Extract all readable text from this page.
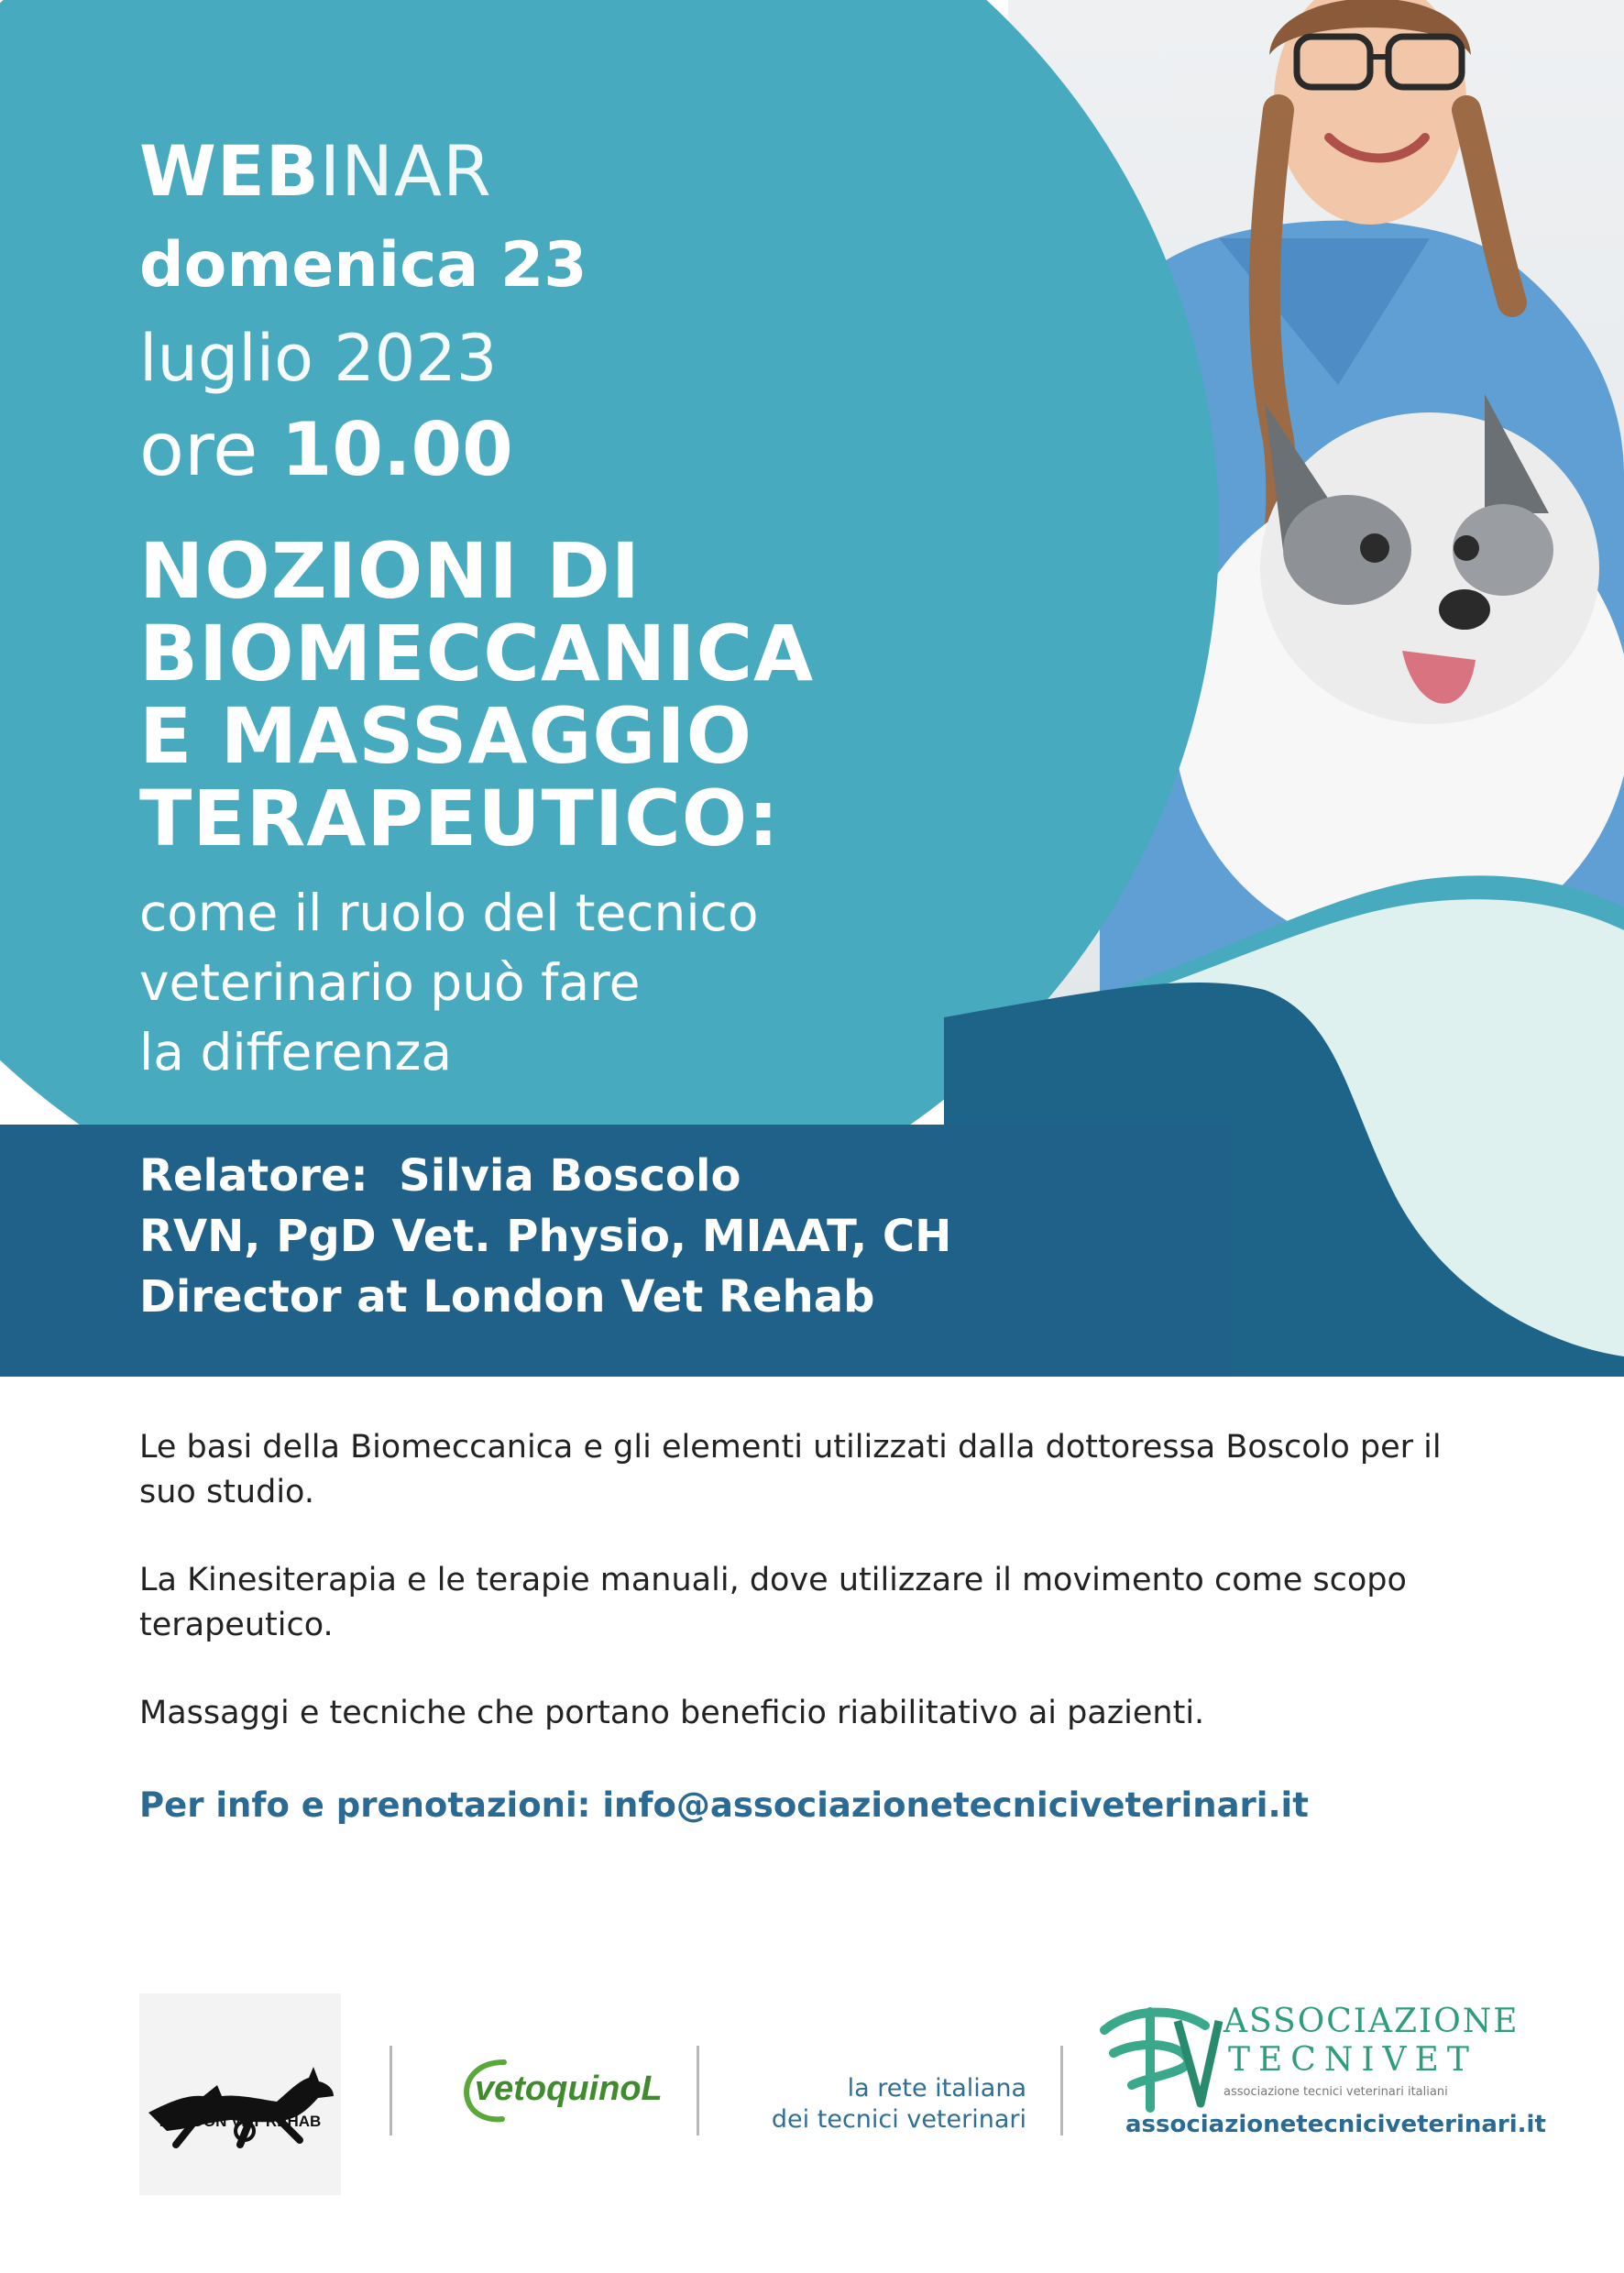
WEBINAR
domenica 23
luglio 2023
ore 10.00
NOZIONI DI
BIOMECCANICA
E MASSAGGIO
TERAPEUTICO:
come il ruolo del tecnico
veterinario può fare
la differenza
Relatore: Silvia Boscolo
RVN, PgD Vet. Physio, MIAAT, CH
Director at London Vet Rehab

Le basi della Biomeccanica e gli elementi utilizzati dalla dottoressa Boscolo per il suo studio.

La Kinesiterapia e le terapie manuali, dove utilizzare il movimento come scopo terapeutico.

Massaggi e tecniche che portano beneficio riabilitativo ai pazienti.

Per info e prenotazioni: info@associazionetecniciveterinari.it
LONDON VET REHAB
vetoquinoL	la rete italiana
dei tecnici veterinari
ASSOCIAZIONE
TECNIVET
associazione tecnici veterinari italiani
associazionetecniciveterinari.it
